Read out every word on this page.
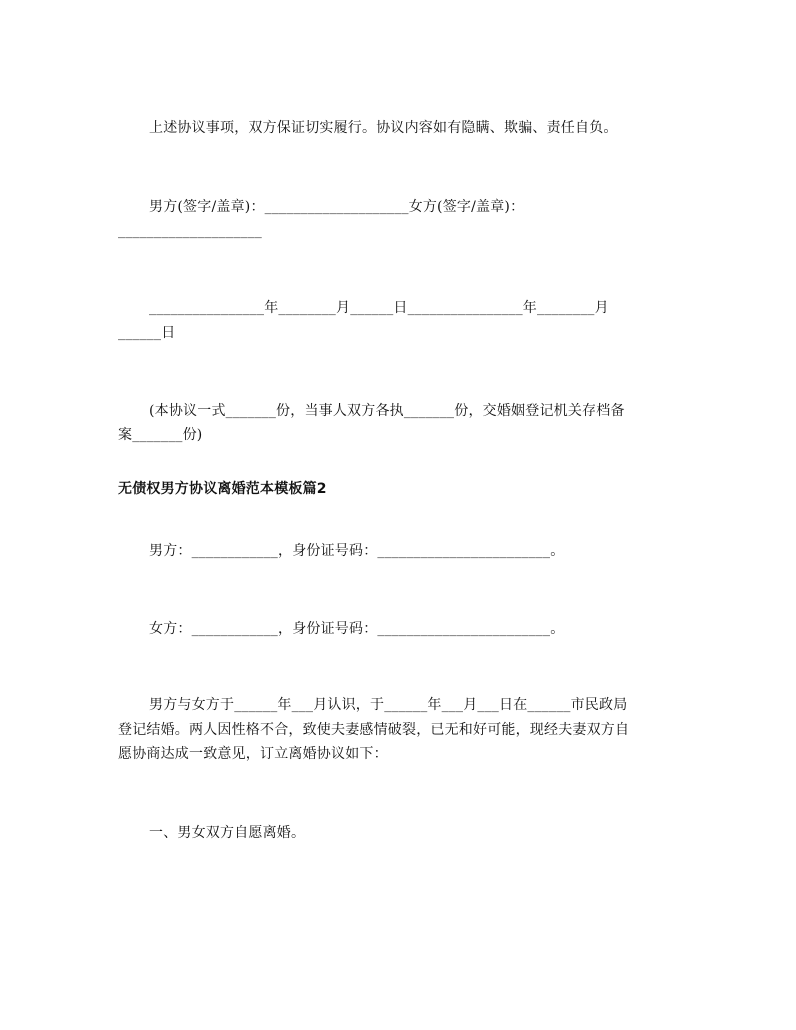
上述协议事项，双方保证切实履行。协议内容如有隐瞒、欺骗、责任自负。
男方(签字/盖章)：____________________女方(签字/盖章)：
____________________
________________年________月______日________________年________月
______日
(本协议一式_______份，当事人双方各执_______份，交婚姻登记机关存档备
案_______份)
无债权男方协议离婚范本模板篇2
男方：____________，身份证号码：________________________。
女方：____________，身份证号码：________________________。
男方与女方于______年___月认识，于______年___月___日在______市民政局
登记结婚。两人因性格不合，致使夫妻感情破裂，已无和好可能，现经夫妻双方自
愿协商达成一致意见，订立离婚协议如下：
一、男女双方自愿离婚。
